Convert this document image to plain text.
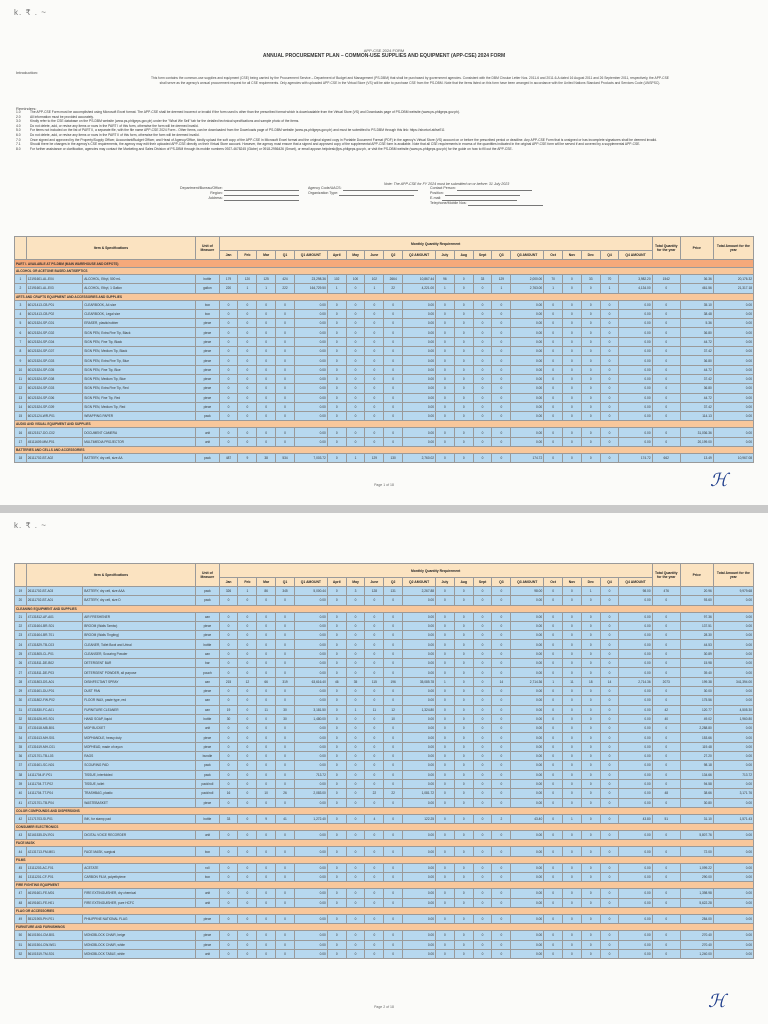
k. ₹ . ~
APP-CSE 2024 FORM
ANNUAL PROCUREMENT PLAN – COMMON-USE SUPPLIES AND EQUIPMENT (APP-CSE) 2024 FORM
Introduction:
This form contains the common-use supplies and equipment (CSE) being carried by the Procurement Service – Department of Budget and Management (PS-DBM) that shall be purchased by government agencies. Consistent with the DBM Circular Letter Nos. 2011-6 and 2011-6-A dated 16 August 2011 and 26 September 2011, respectively, the APP-CSE shall serve as the agency's annual procurement request for all CSE requirements. Only agencies with uploaded APP-CSE in the Virtual Store (VS) will be able to purchase CSE from the PS-DBM. Note that the items listed on this form have been arranged in accordance with the United Nations Standard Products and Services Code (UNSPSC).
Reminders:
1.0	The APP-CSE Form must be accomplished using Microsoft Excel format. The APP-CSE shall be deemed incorrect or invalid if the form used is other than the prescribed format which is downloadable from the Virtual Store (VS) and Downloads page of PS-DBM website (www.ps-philgeps.gov.ph).
2.0	All information must be provided accurately.
3.0	Kindly refer to the CSE database on the PS-DBM website (www.ps-philgeps.gov.ph) under the "What We Sell" tab for the detailed technical specifications and sample photo of the items.
4.0	Do not delete, add, or revise any items or rows in the PART I of this form, otherwise the form will be deemed invalid.
5.0	For items not included on the list of PART II, a separate file, with the file name APP-CSE 2024 Form - Other Items, can be downloaded from the Downloads page of PS-DBM website (www.ps-philgeps.gov.ph) and must be submitted to PS-DBM through this link: https://shorturl.at/iseEIJ.
6.0	Do not delete, add, or revise any items or rows in the PART II of this form, otherwise the form will be deemed invalid.
7.0	Once signed and approved by the Property/Supply Officer, Accountant/Budget Officer, and Head of Agency/Office, kindly upload the soft copy of the APP-CSE in Microsoft Excel format and the original signed copy in Portable Document Format (PDF) in the agency's Virtual Store (VS) account on or before the prescribed period or deadline. Any APP-CSE Form that is unsigned or has incomplete signatures shall be deemed invalid.
7.1	Should there be changes in the agency's CSE requirements, the agency may edit their uploaded APP-CSE directly on their Virtual Store account. However, the agency must ensure that a signed and approved copy of the supplemental APP-CSE form is available. Note that all CSE requirements in excess of the quantities indicated in the original APP-CSE form will be served if and covered by a supplemental APP-CSE.
8.0	For further assistance or clarification, agencies may contact the Marketing and Sales Division of PS-DBM through its mobile numbers 0927-4678245 (Globe) or 0918-2956426 (Smart), or email appcse.helpdesk@ps-philgeps.gov.ph, or visit the PS-DBM website (www.ps-philgeps.gov.ph) for the guide on how to fill out the APP-CSE.
Note: The APP-CSE for FY 2024 must be submitted on or before: 31 July 2023
Department/Bureau/Office:
Region:
Address:
Agency Code/UACS:
Organization Type:
Contact Person:
Position:
E-mail:
Telephone/Mobile Nos:
	Item & Specifications		Unit of Measure	Monthly Quantity Requirement																				Total Quantity for the year	Price	Total Amount for the year
				Jan	Feb	Mar	Q1	Q1 AMOUNT	April	May	June	Q2	Q2 AMOUNT	July	Aug	Sept	Q3	Q3 AMOUNT	Oct	Nov	Dec	Q4	Q4 AMOUNT			
PART I. AVAILABLE AT PS-DBM (MAIN WAREHOUSE AND DEPOTS)																										
ALCOHOL OR ACETONE BASED ANTISEPTICS																										
1	12191601-AL-E04	ALCOHOL, Ethyl, 500 mL	bottle	179	120	125	424	23,298.36	102	100	102	2664	10,867.44	96	0	33	129	2,000.00	70	0	33	70	3,982.20	1542	36.36	20,176.32
2	12191601-AL-E03	ALCOHOL, Ethyl, 1 Gallon	gallon	220	1	1	222	164,729.50	1	0	1	22	4,221.00	1	0	0	1	2,763.00	1	0	0	1	4,134.00	0	461.56	21,317.18
ARTS AND CRAFTS EQUIPMENT AND ACCESSORIES AND SUPPLIES																										
3	60121413-CB-P01	CLEARBOOK, A4 size	box	0	0	0	0	0.00	0	0	0	0	0.00	0	0	0	0	0.00	0	0	0	0	0.00	0	35.10	0.00
4	60121413-CB-P02	CLEARBOOK, Legal size	box	0	0	0	0	0.00	0	0	0	0	0.00	0	0	0	0	0.00	0	0	0	0	0.00	0	38.48	0.00
5	60121524-SP-G01	ERASER, plastic/rubber	piece	0	0	0	0	0.00	0	0	0	0	0.00	0	0	0	0	0.00	0	0	0	0	0.00	0	5.36	0.00
6	60121524-SP-G02	SIGN PEN, Extra Fine Tip, Black	piece	0	0	0	0	0.00	0	0	0	0	0.00	0	0	0	0	0.00	0	0	0	0	0.00	0	36.80	0.00
7	60121524-SP-G04	SIGN PEN, Fine Tip, Black	piece	0	0	0	0	0.00	0	0	0	0	0.00	0	0	0	0	0.00	0	0	0	0	0.00	0	44.72	0.00
8	60121524-SP-G07	SIGN PEN, Medium Tip, Black	piece	0	0	0	0	0.00	0	0	0	0	0.00	0	0	0	0	0.00	0	0	0	0	0.00	0	37.42	0.00
9	60121524-SP-G03	SIGN PEN, Extra Fine Tip, Blue	piece	0	0	0	0	0.00	0	0	0	0	0.00	0	0	0	0	0.00	0	0	0	0	0.00	0	36.80	0.00
10	60121524-SP-G05	SIGN PEN, Fine Tip, Blue	piece	0	0	0	0	0.00	0	0	0	0	0.00	0	0	0	0	0.00	0	0	0	0	0.00	0	44.72	0.00
11	60121524-SP-G08	SIGN PEN, Medium Tip, Blue	piece	0	0	0	0	0.00	0	0	0	0	0.00	0	0	0	0	0.00	0	0	0	0	0.00	0	37.42	0.00
12	60121524-SP-G03	SIGN PEN, Extra Fine Tip, Red	piece	0	0	0	0	0.00	0	0	0	0	0.00	0	0	0	0	0.00	0	0	0	0	0.00	0	36.80	0.00
13	60121524-SP-G06	SIGN PEN, Fine Tip, Red	piece	0	0	0	0	0.00	0	0	0	0	0.00	0	0	0	0	0.00	0	0	0	0	0.00	0	44.72	0.00
14	60121524-SP-G09	SIGN PEN, Medium Tip, Red	piece	0	0	0	0	0.00	0	0	0	0	0.00	0	0	0	0	0.00	0	0	0	0	0.00	0	37.42	0.00
15	60121124-WR-P01	WRAPPING PAPER	pack	0	0	0	0	0.00	0	0	0	0	0.00	0	0	0	0	0.00	0	0	0	0	0.00	0	114.13	0.00
AUDIO AND VISUAL EQUIPMENT AND SUPPLIES																										
16	45121517-DO-C02	DOCUMENT CAMERA	unit	0	0	0	0	0.00	0	0	0	0	0.00	0	0	0	0	0.00	0	0	0	0	0.00	0	31,036.36	0.00
17	45111609-MM-P01	MULTIMEDIA PROJECTOR	unit	0	0	0	0	0.00	0	0	0	0	0.00	0	0	0	0	0.00	0	0	0	0	0.00	0	20,199.00	0.00
BATTERIES AND CELLS AND ACCESSORIES																										
18	26111702-BT-A02	BATTERY, dry cell, size AA	pack	487	9	38	534	7,003.72	0	1	129	130	2,760.02	0	0	0	0	174.72	0	0	0	0	174.72	662	13.49	10,967.08
Page 1 of 18	ℋ
k. ₹ . ~
	Item & Specifications		Unit of Measure	Monthly Quantity Requirement																				Total Quantity for the year	Price	Total Amount for the year
				Jan	Feb	Mar	Q1	Q1 AMOUNT	April	May	June	Q2	Q2 AMOUNT	July	Aug	Sept	Q3	Q3 AMOUNT	Oct	Nov	Dec	Q4	Q4 AMOUNT			
19	26111702-BT-A03	BATTERY, dry cell, size AAA	pack	326	1	86	345	5,000.44	0	3	128	131	2,267.88	0	0	0	0	98.00	0	0	1	0	98.00	476	20.96	9,979.68
20	26111702-BT-A01	BATTERY, dry cell, size D	pack	0	0	0	0	0.00	0	0	0	0	0.00	0	0	0	0	0.00	0	0	0	0	0.00	0	93.60	0.00
CLEANING EQUIPMENT AND SUPPLIES																										
21	47131812-AF-A01	AIR FRESHENER	can	0	0	0	0	0.00	0	0	0	0	0.00	0	0	0	0	0.00	0	0	0	0	0.00	0	97.36	0.00
22	47131604-BR-S01	BROOM (Walis Tambo)	piece	0	0	0	0	0.00	0	0	0	0	0.00	0	0	0	0	0.00	0	0	0	0	0.00	0	137.51	0.00
23	47131604-BR-T01	BROOM (Walis Tingting)	piece	0	0	0	0	0.00	0	0	0	0	0.00	0	0	0	0	0.00	0	0	0	0	0.00	0	28.30	0.00
24	47131829-TB-C03	CLEANER, Toilet Bowl and Urinal	bottle	0	0	0	0	0.00	0	0	0	0	0.00	0	0	0	0	0.00	0	0	0	0	0.00	0	44.53	0.00
25	47131805-CL-P01	CLEANSER, Scouring Powder	can	0	0	0	0	0.00	0	0	0	0	0.00	0	0	0	0	0.00	0	0	0	0	0.00	0	30.89	0.00
26	47131811-DE-B02	DETERGENT BAR	bar	0	0	0	0	0.00	0	0	0	0	0.00	0	0	0	0	0.00	0	0	0	0	0.00	0	15.98	0.00
27	47131811-DE-P03	DETERGENT POWDER, all purpose	pouch	0	0	0	0	0.00	0	0	0	0	0.00	0	0	0	0	0.00	0	0	0	0	0.00	0	39.40	0.00
28	47131803-DS-A01	DISINFECTANT SPRAY	can	215	12	66	319	63,616.40	46	35	115	196	35,085.78	1	0	0	14	2,714.36	1	11	18	14	2,714.36	2073	199.38	341,394.00
29	47131601-DU-P01	DUST PAN	piece	0	0	0	0	0.00	0	0	0	0	0.00	0	0	0	0	0.00	0	0	0	0	0.00	0	30.00	0.00
30	47131802-FW-P02	FLOOR WAX, paste type, red	can	0	0	0	0	0.00	0	0	0	0	0.00	0	0	0	0	0.00	0	0	0	0	0.00	0	175.56	0.00
31	47131830-FC-A01	FURNITURE CLEANER	can	19	0	11	30	3,181.50	0	1	11	12	1,324.80	0	0	0	0	0.00	0	0	0	0	0.00	42	120.77	4,505.30
32	53131626-HS-S01	HAND SOAP, liquid	bottle	30	0	0	30	1,480.00	0	0	0	10	0.00	0	0	0	0	0.00	0	0	0	0	0.00	40	49.02	1,960.80
33	47131618-MB-B01	MOP BUCKET	unit	0	0	0	0	0.00	0	0	0	0	0.00	0	0	0	0	0.00	0	0	0	0	0.00	0	2,288.80	0.00
34	47131613-MH-S01	MOPHANDLE, heavy duty	piece	0	0	0	0	0.00	0	0	0	0	0.00	0	0	0	0	0.00	0	0	0	0	0.00	0	153.66	0.00
35	47131619-MH-C01	MOPHEAD, made of rayon	piece	0	0	0	0	0.00	0	0	0	0	0.00	0	0	0	0	0.00	0	0	0	0	0.00	0	119.48	0.00
36	47121701-TB-L03	RAGS	bundle	0	0	0	0	0.00	0	0	0	0	0.00	0	0	0	0	0.00	0	0	0	0	0.00	0	27.20	0.00
37	47131601-SC-N01	SCOURING PAD	pack	0	0	0	0	0.00	0	0	0	0	0.00	0	0	0	0	0.00	0	0	0	0	0.00	0	98.18	0.00
38	14111704-IF-P01	TISSUE, interfolded	pack	0	0	0	0	713.72	0	0	0	0	0.00	0	0	0	0	0.00	0	0	0	0	0.00	0	134.66	713.72
39	14111704-TT-P02	TISSUE, toilet	pack/roll	0	0	0	0	0.00	0	0	0	0	0.00	0	0	0	0	0.00	0	0	0	0	0.00	0	94.58	0.00
40	14111704-TT-P04	TRASHBAG, plastic	pack/roll	16	0	10	26	2,083.00	0	0	22	22	1,081.72	0	0	0	0	0.00	0	0	0	0	0.00	48	38.66	3,171.76
41	47121701-TB-P04	WASTEBASKET	piece	0	0	0	0	0.00	0	0	0	0	0.00	0	0	0	0	0.00	0	0	0	0	0.00	0	30.80	0.00
COLOR COMPOUNDS AND DISPERSIONS																										
42	12171703-SI-P01	INK, for stamp pad	bottle	33	0	9	41	1,272.40	0	0	4	0	122.25	0	0	0	2	43.40	0	1	0	0	43.80	51	31.10	1,571.43
CONSUMER ELECTRONICS																										
43	52161535-DV-R01	DIGITAL VOICE RECORDER	unit	0	0	0	0	0.00	0	0	0	0	0.00	0	0	0	0	0.00	0	0	0	0	0.00	0	5,807.76	0.00
FACE MASK																										
44	42131713-FM-M01	FACE MASK, surgical	box	0	0	0	0	0.00	0	0	0	0	0.00	0	0	0	0	0.00	0	0	0	0	0.00	0	72.00	0.00
FILMS																										
45	13111203-AC-F01	ACETATE	roll	0	0	0	0	0.00	0	0	0	0	0.00	0	0	0	0	0.00	0	0	0	0	0.00	0	1,099.22	0.00
46	13111201-CF-P01	CARBON FILM, polyethylene	box	0	0	0	0	0.00	0	0	0	0	0.00	0	0	0	0	0.00	0	0	0	0	0.00	0	290.00	0.00
FIRE FIGHTING EQUIPMENT																										
47	46191601-FE-M01	FIRE EXTINGUISHER, dry chemical	unit	0	0	0	0	0.00	0	0	0	0	0.00	0	0	0	0	0.00	0	0	0	0	0.00	0	1,398.98	0.00
48	46191601-FE-H01	FIRE EXTINGUISHER, pure HCFC	unit	0	0	0	0	0.00	0	0	0	0	0.00	0	0	0	0	0.00	0	0	0	0	0.00	0	5,622.28	0.00
FLAG OR ACCESSORIES																										
49	55121905-PH-F01	PHILIPPINE NATIONAL FLAG	piece	0	0	0	0	0.00	0	0	0	0	0.00	0	0	0	0	0.00	0	0	0	0	0.00	0	284.00	0.00
FURNITURE AND FURNISHINGS																										
50	56101504-CM-B01	MONOBLOCK CHAIR, beige	piece	0	0	0	0	0.00	0	0	0	0	0.00	0	0	0	0	0.00	0	0	0	0	0.00	0	270.40	0.00
51	56101504-CW-W01	MONOBLOCK CHAIR, white	piece	0	0	0	0	0.00	0	0	0	0	0.00	0	0	0	0	0.00	0	0	0	0	0.00	0	270.40	0.00
52	56101519-TM-S01	MONOBLOCK TABLE, white	unit	0	0	0	0	0.00	0	0	0	0	0.00	0	0	0	0	0.00	0	0	0	0	0.00	0	1,240.00	0.00
Page 2 of 18	ℋ
